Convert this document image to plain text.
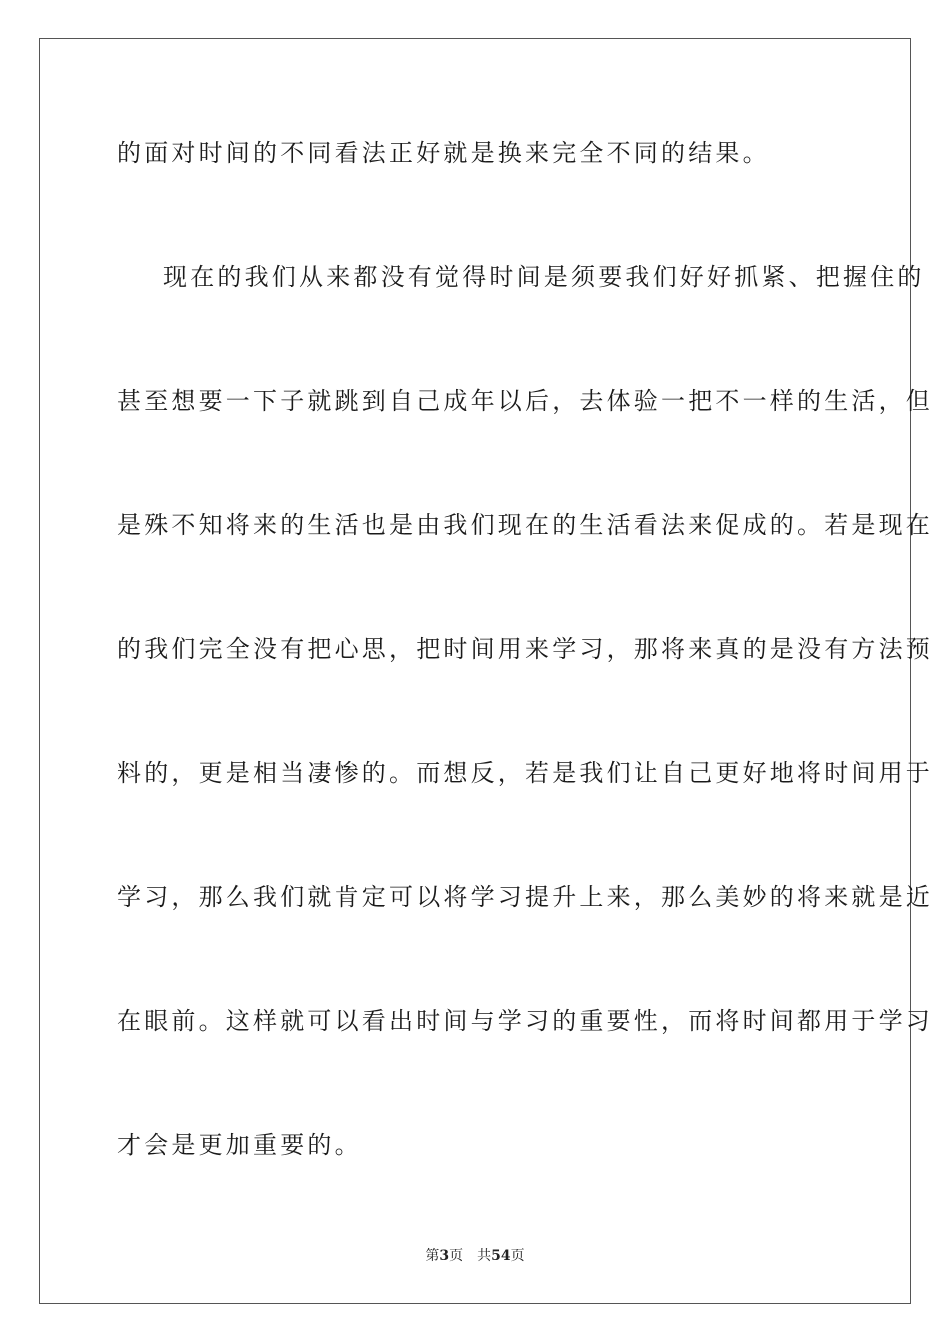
的面对时间的不同看法正好就是换来完全不同的结果。
现在的我们从来都没有觉得时间是须要我们好好抓紧、把握住的
甚至想要一下子就跳到自己成年以后，去体验一把不一样的生活，但
是殊不知将来的生活也是由我们现在的生活看法来促成的。若是现在
的我们完全没有把心思，把时间用来学习，那将来真的是没有方法预
料的，更是相当凄惨的。而想反，若是我们让自己更好地将时间用于
学习，那么我们就肯定可以将学习提升上来，那么美妙的将来就是近
在眼前。这样就可以看出时间与学习的重要性，而将时间都用于学习
才会是更加重要的。
第3页 共54页
